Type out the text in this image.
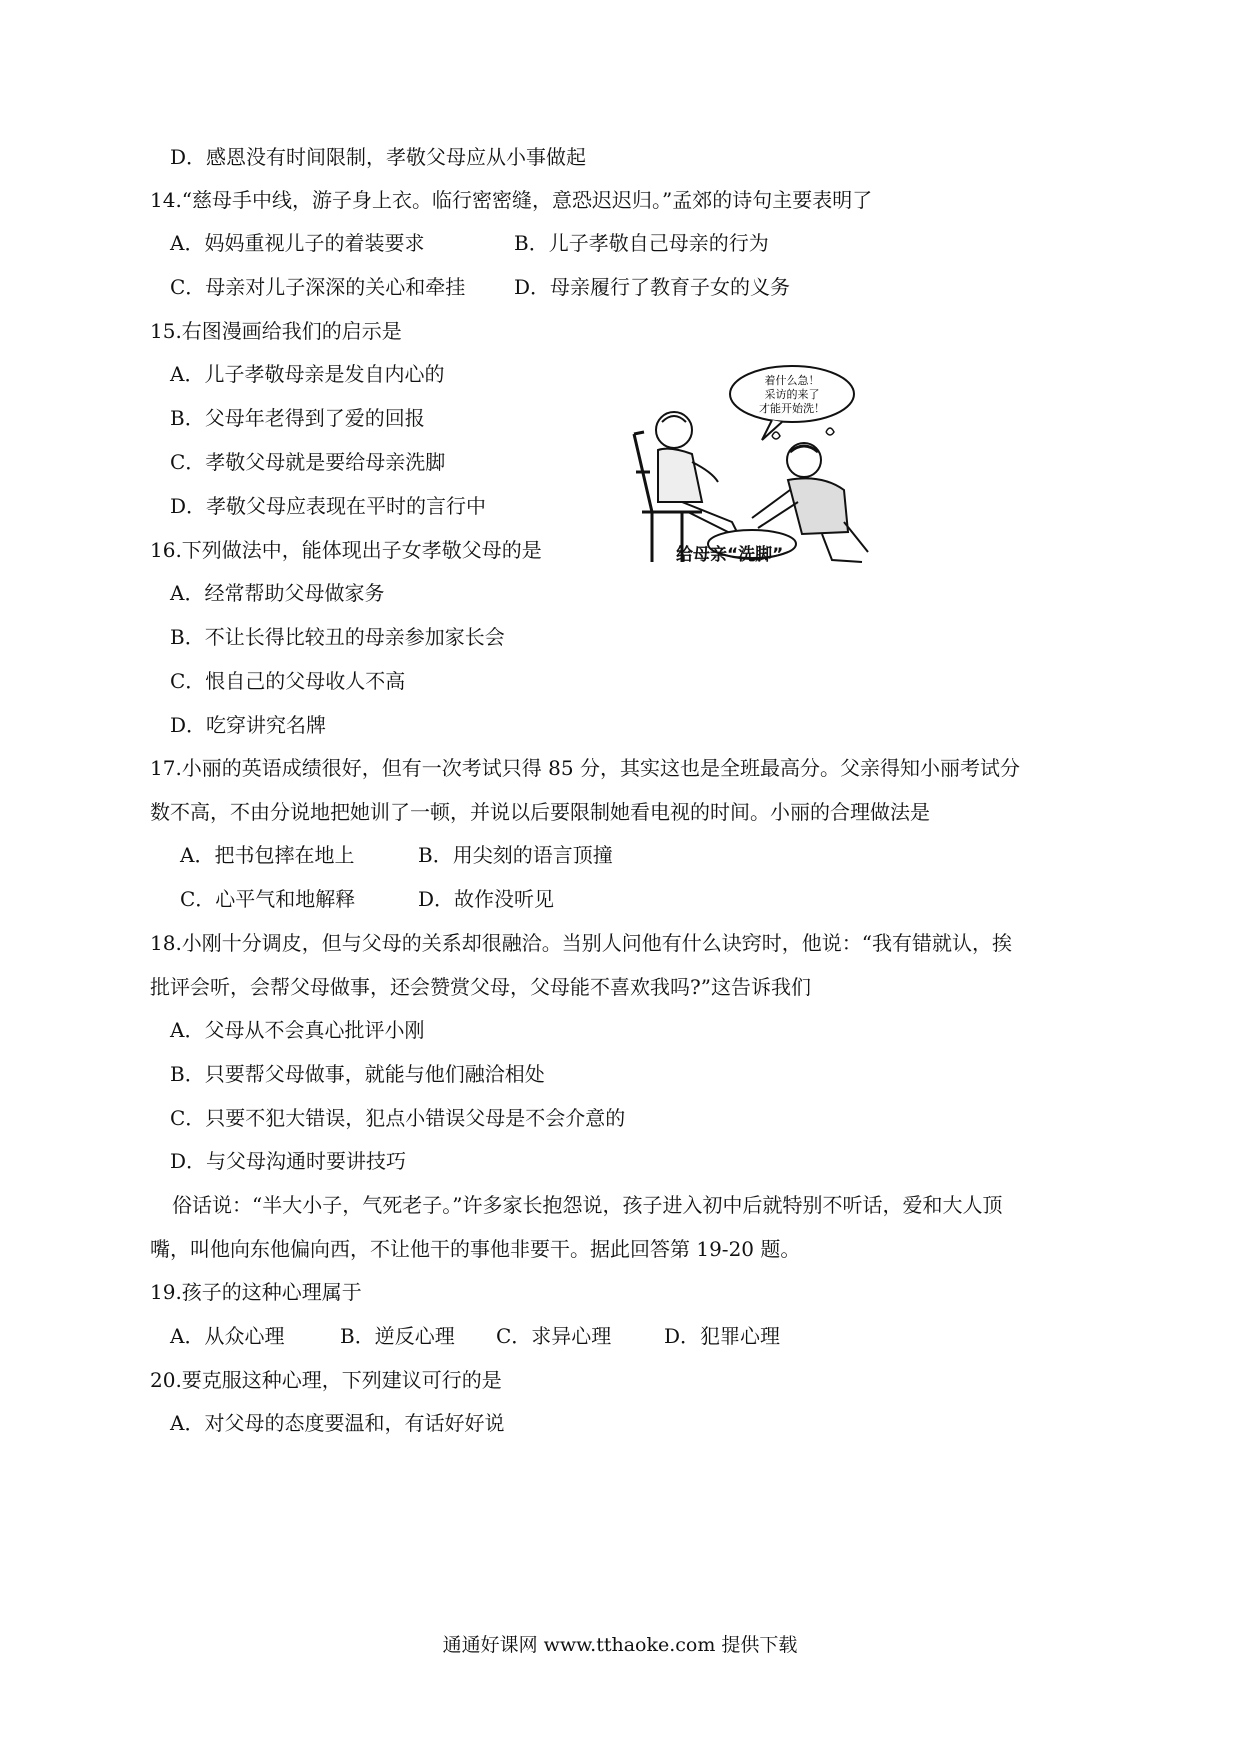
D．感恩没有时间限制，孝敬父母应从小事做起
14.“慈母手中线，游子身上衣。临行密密缝，意恐迟迟归。”孟郊的诗句主要表明了
A．妈妈重视儿子的着装要求	B．儿子孝敬自己母亲的行为
C．母亲对儿子深深的关心和牵挂 D．母亲履行了教育子女的义务
15.右图漫画给我们的启示是
A．儿子孝敬母亲是发自内心的
B．父母年老得到了爱的回报
C．孝敬父母就是要给母亲洗脚
D．孝敬父母应表现在平时的言行中
着什么急！
采访的来了
才能开始洗！
给母亲“洗脚”
16.下列做法中，能体现出子女孝敬父母的是
A．经常帮助父母做家务
B．不让长得比较丑的母亲参加家长会
C．恨自己的父母收人不高
D．吃穿讲究名牌
17.小丽的英语成绩很好，但有一次考试只得 85 分，其实这也是全班最高分。父亲得知小丽考试分
数不高，不由分说地把她训了一顿，并说以后要限制她看电视的时间。小丽的合理做法是
A．把书包摔在地上	B．用尖刻的语言顶撞
C．心平气和地解释	D．故作没听见
18.小刚十分调皮，但与父母的关系却很融洽。当别人问他有什么诀窍时，他说：“我有错就认，挨
批评会听，会帮父母做事，还会赞赏父母，父母能不喜欢我吗?”这告诉我们
A．父母从不会真心批评小刚
B．只要帮父母做事，就能与他们融洽相处
C．只要不犯大错误，犯点小错误父母是不会介意的
D．与父母沟通时要讲技巧
俗话说：“半大小子，气死老子。”许多家长抱怨说，孩子进入初中后就特别不听话，爱和大人顶
嘴，叫他向东他偏向西，不让他干的事他非要干。据此回答第 19-20 题。
19.孩子的这种心理属于
A．从众心理	B．逆反心理 C．求异心理	D．犯罪心理
20.要克服这种心理，下列建议可行的是
A．对父母的态度要温和，有话好好说
通通好课网 www.tthaoke.com 提供下载
